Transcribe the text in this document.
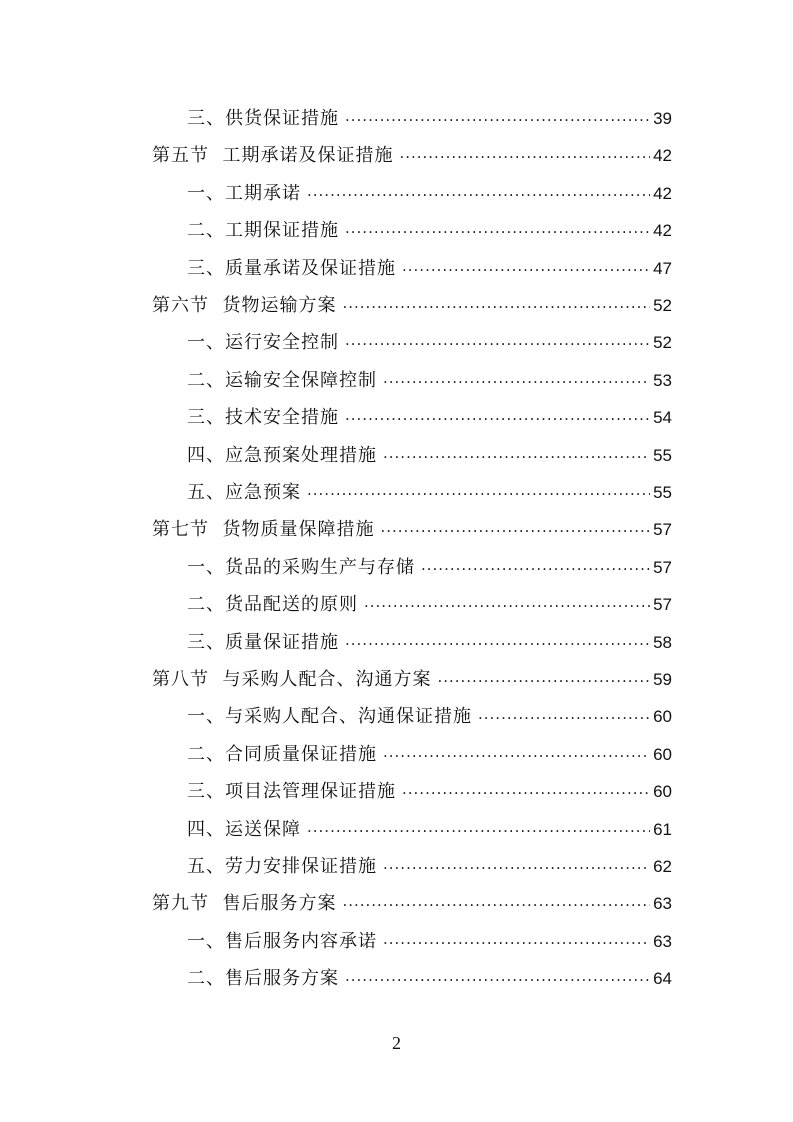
三、供货保证措施 .....	39
第五节  工期承诺及保证措施 .....	42
一、工期承诺 .....	42
二、工期保证措施 .....	42
三、质量承诺及保证措施 .....	47
第六节  货物运输方案 .....	52
一、运行安全控制 .....	52
二、运输安全保障控制 .....	53
三、技术安全措施 .....	54
四、应急预案处理措施 .....	55
五、应急预案 .....	55
第七节  货物质量保障措施 .....	57
一、货品的采购生产与存储 .....	57
二、货品配送的原则 .....	57
三、质量保证措施 .....	58
第八节  与采购人配合、沟通方案 .....	59
一、与采购人配合、沟通保证措施 .....	60
二、合同质量保证措施 .....	60
三、项目法管理保证措施 .....	60
四、运送保障 .....	61
五、劳力安排保证措施 .....	62
第九节  售后服务方案 .....	63
一、售后服务内容承诺 .....	63
二、售后服务方案 .....	64
2
